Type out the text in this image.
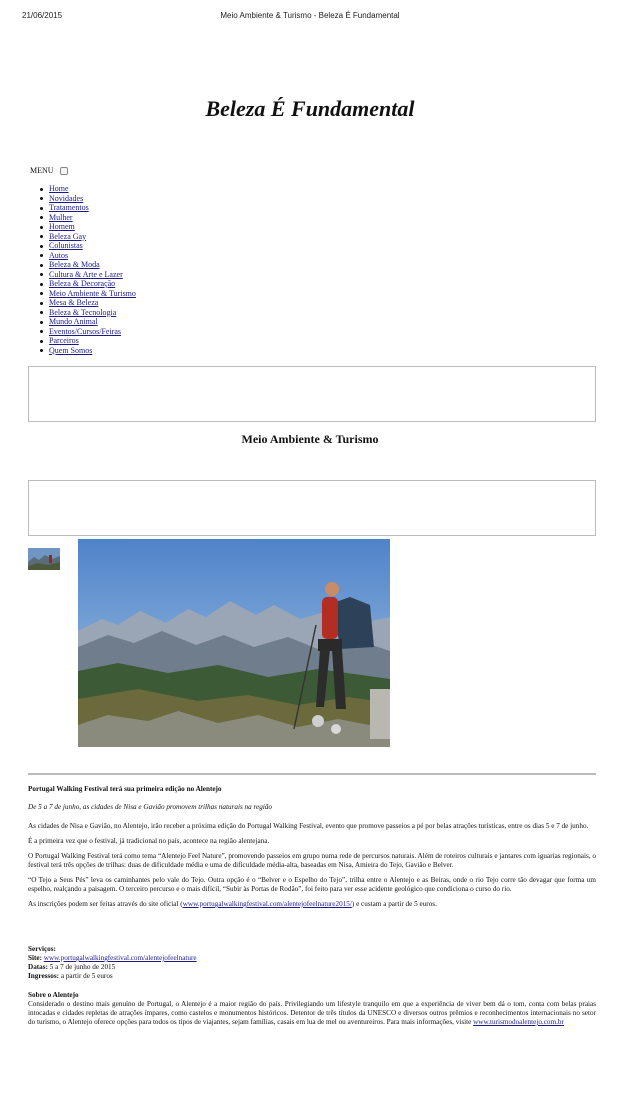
21/06/2015	Meio Ambiente & Turismo - Beleza É Fundamental
Beleza É Fundamental
MENU
Home
Novidades
Tratamentos
Mulher
Homem
Beleza Gay
Colunistas
Autos
Beleza & Moda
Cultura & Arte e Lazer
Beleza & Decoração
Meio Ambiente & Turismo
Mesa & Beleza
Beleza & Tecnologia
Mundo Animal
Eventos/Cursos/Feiras
Parceiros
Quem Somos
Meio Ambiente & Turismo

Portugal Walking Festival terá sua primeira edição no Alentejo

De 5 a 7 de junho, as cidades de Nisa e Gavião promovem trilhas naturais na região

As cidades de Nisa e Gavião, no Alentejo, irão receber a próxima edição do Portugal Walking Festival, evento que promove passeios a pé por belas atrações turísticas, entre os dias 5 e 7 de junho.

É a primeira vez que o festival, já tradicional no país, acontece na região alentejana.

O Portugal Walking Festival terá como tema “Alentejo Feel Nature”, promovendo passeios em grupo numa rede de percursos naturais. Além de roteiros culturais e jantares com iguarias regionais, o festival terá três opções de trilhas: duas de dificuldade média e uma de dificuldade média-alta, baseadas em Nisa, Amieira do Tejo, Gavião e Belver.

“O Tejo a Seus Pés” leva os caminhantes pelo vale do Tejo. Outra opção é o “Belver e o Espelho do Tejo”, trilha entre o Alentejo e as Beiras, onde o rio Tejo corre tão devagar que forma um espelho, realçando a paisagem. O terceiro percurso e o mais difícil, “Subir às Portas de Rodão”, foi feito para ver esse acidente geológico que condiciona o curso do rio.

As inscrições podem ser feitas através do site oficial (www.portugalwalkingfestival.com/alentejofeelnature2015/) e custam a partir de 5 euros.

Serviços:

Site: www.portugalwalkingfestival.com/alentejofeelnature

Datas: 5 a 7 de junho de 2015

Ingressos: a partir de 5 euros

Sobre o Alentejo

Considerado o destino mais genuíno de Portugal, o Alentejo é a maior região do país. Privilegiando um lifestyle tranquilo em que a experiência de viver bem dá o tom, conta com belas praias intocadas e cidades repletas de atrações ímpares, como castelos e monumentos históricos. Detentor de três títulos da UNESCO e diversos outros prêmios e reconhecimentos internacionais no setor do turismo, o Alentejo oferece opções para todos os tipos de viajantes, sejam famílias, casais em lua de mel ou aventureiros. Para mais informações, visite www.turismodoalentejo.com.br
